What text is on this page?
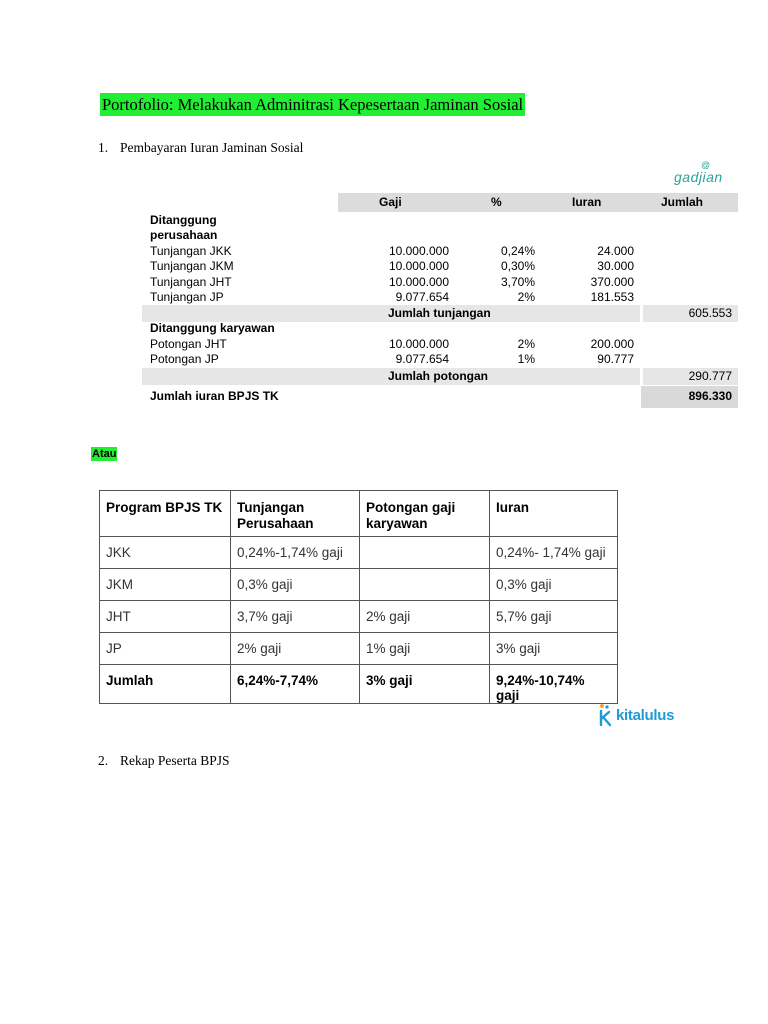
Portofolio: Melakukan Adminitrasi Kepesertaan Jaminan Sosial
1. Pembayaran Iuran Jaminan Sosial
@
gadjian
Gaji	%	Iuran	Jumlah
Ditanggung
perusahaan
Tunjangan JKK	10.000.000	0,24%	24.000
Tunjangan JKM	10.000.000	0,30%	30.000
Tunjangan JHT	10.000.000	3,70%	370.000
Tunjangan JP	9.077.654	2%	181.553
Jumlah tunjangan	605.553
Ditanggung karyawan
Potongan JHT	10.000.000	2%	200.000
Potongan JP	9.077.654	1%	90.777
Jumlah potongan	290.777
Jumlah iuran BPJS TK	896.330
Atau
Program BPJS TK	Tunjangan Perusahaan	Potongan gaji karyawan	Iuran
JKK	0,24%-1,74% gaji		0,24%- 1,74% gaji
JKM	0,3% gaji		0,3% gaji
JHT	3,7% gaji	2% gaji	5,7% gaji
JP	2% gaji	1% gaji	3% gaji
Jumlah	6,24%-7,74%	3% gaji	9,24%-10,74% gaji
kitalulus
2. Rekap Peserta BPJS
